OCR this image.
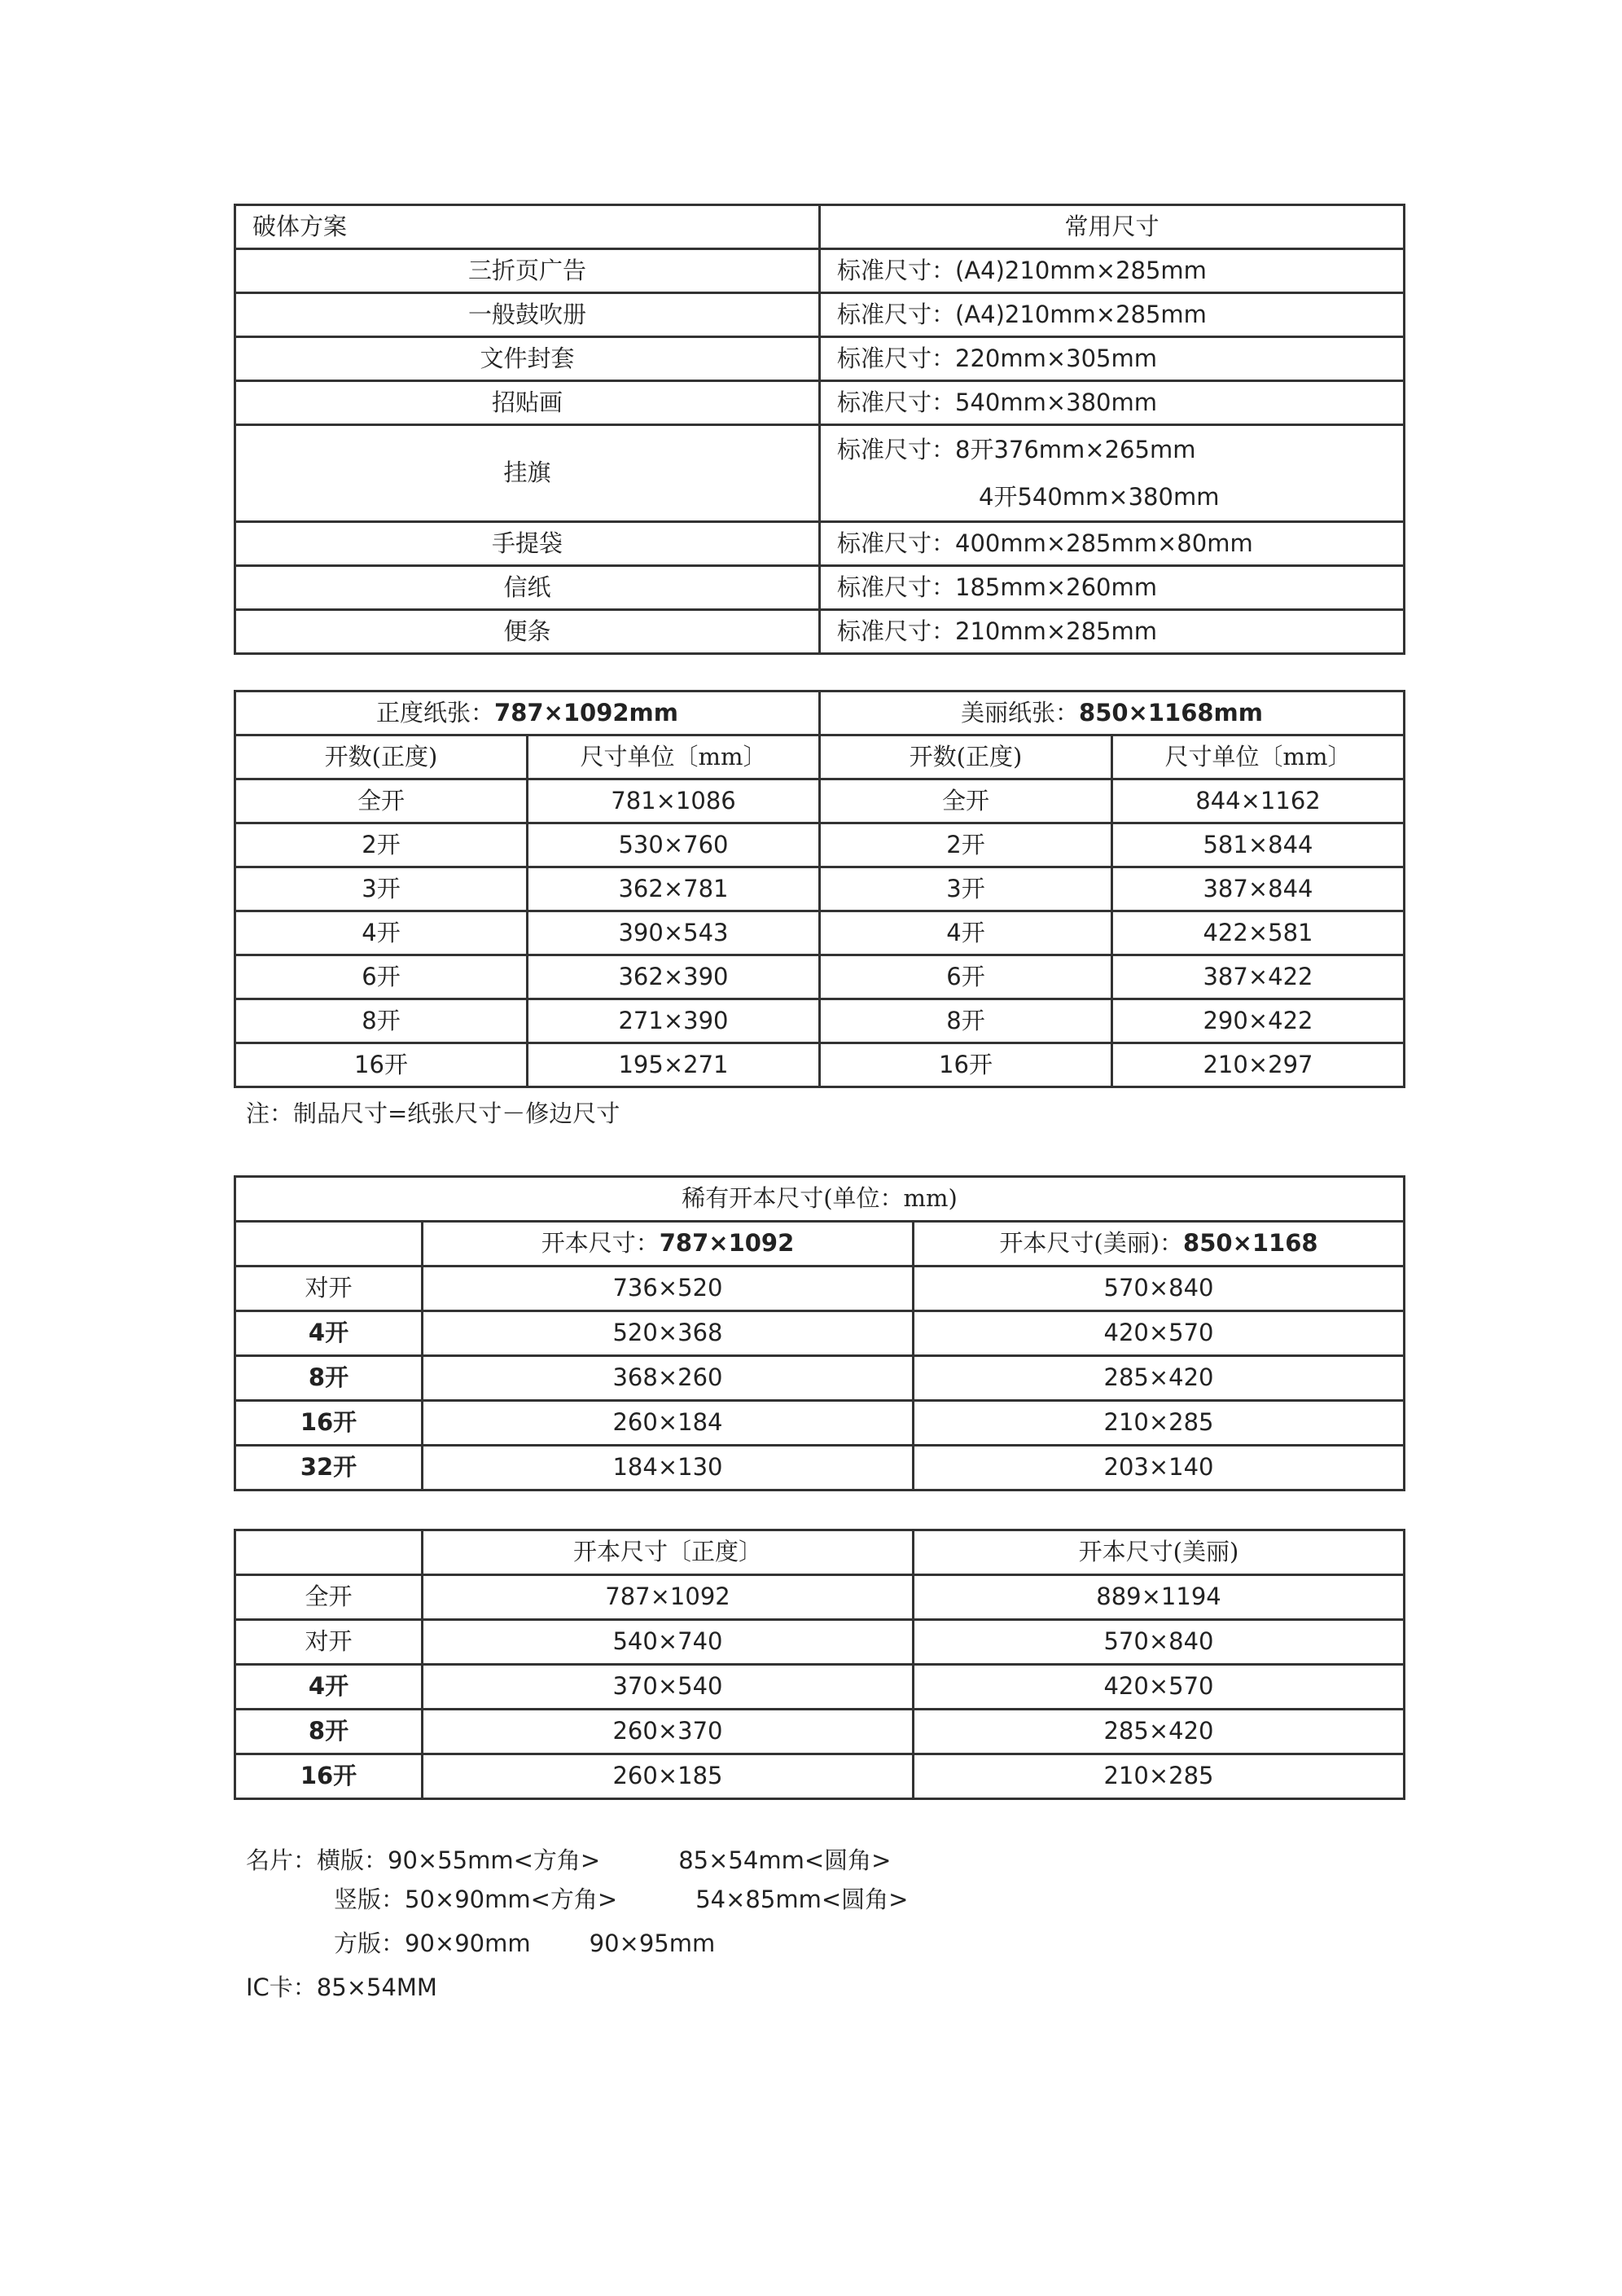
破体方案	常用尺寸
三折页广告	标准尺寸：(A4)210mm×285mm
一般鼓吹册	标准尺寸：(A4)210mm×285mm
文件封套	标准尺寸：220mm×305mm
招贴画	标准尺寸：540mm×380mm
挂旗	标准尺寸：8开376mm×265mm
4开540mm×380mm

手提袋	标准尺寸：400mm×285mm×80mm
信纸	标准尺寸：185mm×260mm
便条	标准尺寸：210mm×285mm
正度纸张：787×1092mm		美丽纸张：850×1168mm	
开数(正度)	尺寸单位〔mm〕	开数(正度)	尺寸单位〔mm〕
全开	781×1086	全开	844×1162
2开	530×760	2开	581×844
3开	362×781	3开	387×844
4开	390×543	4开	422×581
6开	362×390	6开	387×422
8开	271×390	8开	290×422
16开	195×271	16开	210×297
注：制品尺寸=纸张尺寸－修边尺寸
稀有开本尺寸(单位：mm)		
	开本尺寸：787×1092	开本尺寸(美丽)：850×1168
对开	736×520	570×840
4开	520×368	420×570
8开	368×260	285×420
16开	260×184	210×285
32开	184×130	203×140
	开本尺寸〔正度〕	开本尺寸(美丽)
全开	787×1092	889×1194
对开	540×740	570×840
4开	370×540	420×570
8开	260×370	285×420
16开	260×185	210×285
名片：横版：90×55mm<方角>	85×54mm<圆角>
竖版：50×90mm<方角>	54×85mm<圆角>
方版：90×90mm 90×95mm
IC卡：85×54MM
